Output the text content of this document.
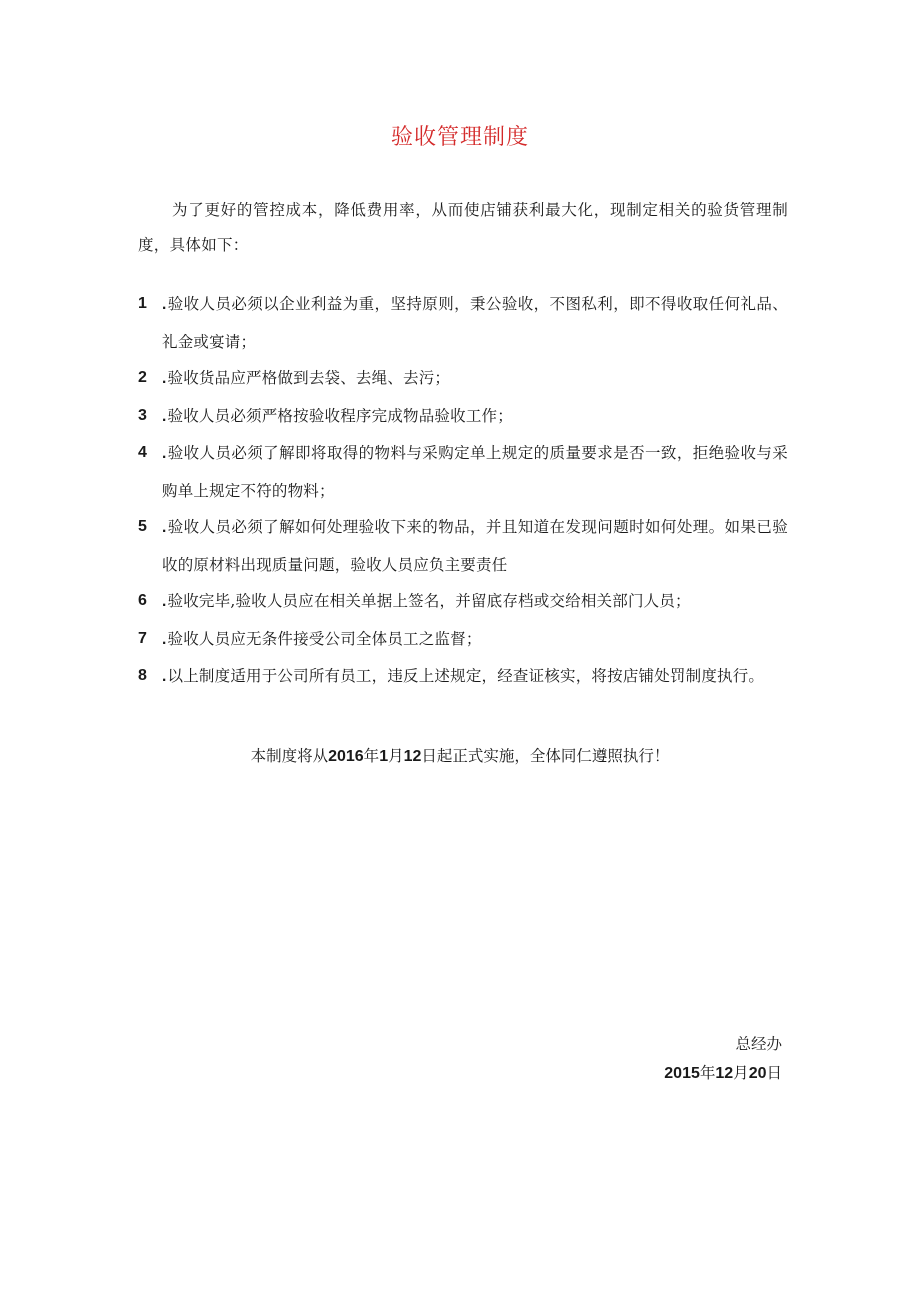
验收管理制度
为了更好的管控成本，降低费用率，从而使店铺获利最大化，现制定相关的验货管理制度，具体如下：
1 .验收人员必须以企业利益为重，坚持原则，秉公验收，不图私利，即不得收取任何礼品、礼金或宴请；
2 .验收货品应严格做到去袋、去绳、去污；
3 .验收人员必须严格按验收程序完成物品验收工作；
4 .验收人员必须了解即将取得的物料与采购定单上规定的质量要求是否一致，拒绝验收与采购单上规定不符的物料；
5 .验收人员必须了解如何处理验收下来的物品，并且知道在发现问题时如何处理。如果已验收的原材料出现质量问题，验收人员应负主要责任
6 .验收完毕,验收人员应在相关单据上签名，并留底存档或交给相关部门人员；
7 .验收人员应无条件接受公司全体员工之监督；
8 .以上制度适用于公司所有员工，违反上述规定，经查证核实，将按店铺处罚制度执行。
本制度将从2016年1月12日起正式实施，全体同仁遵照执行！
总经办
2015年12月20日
